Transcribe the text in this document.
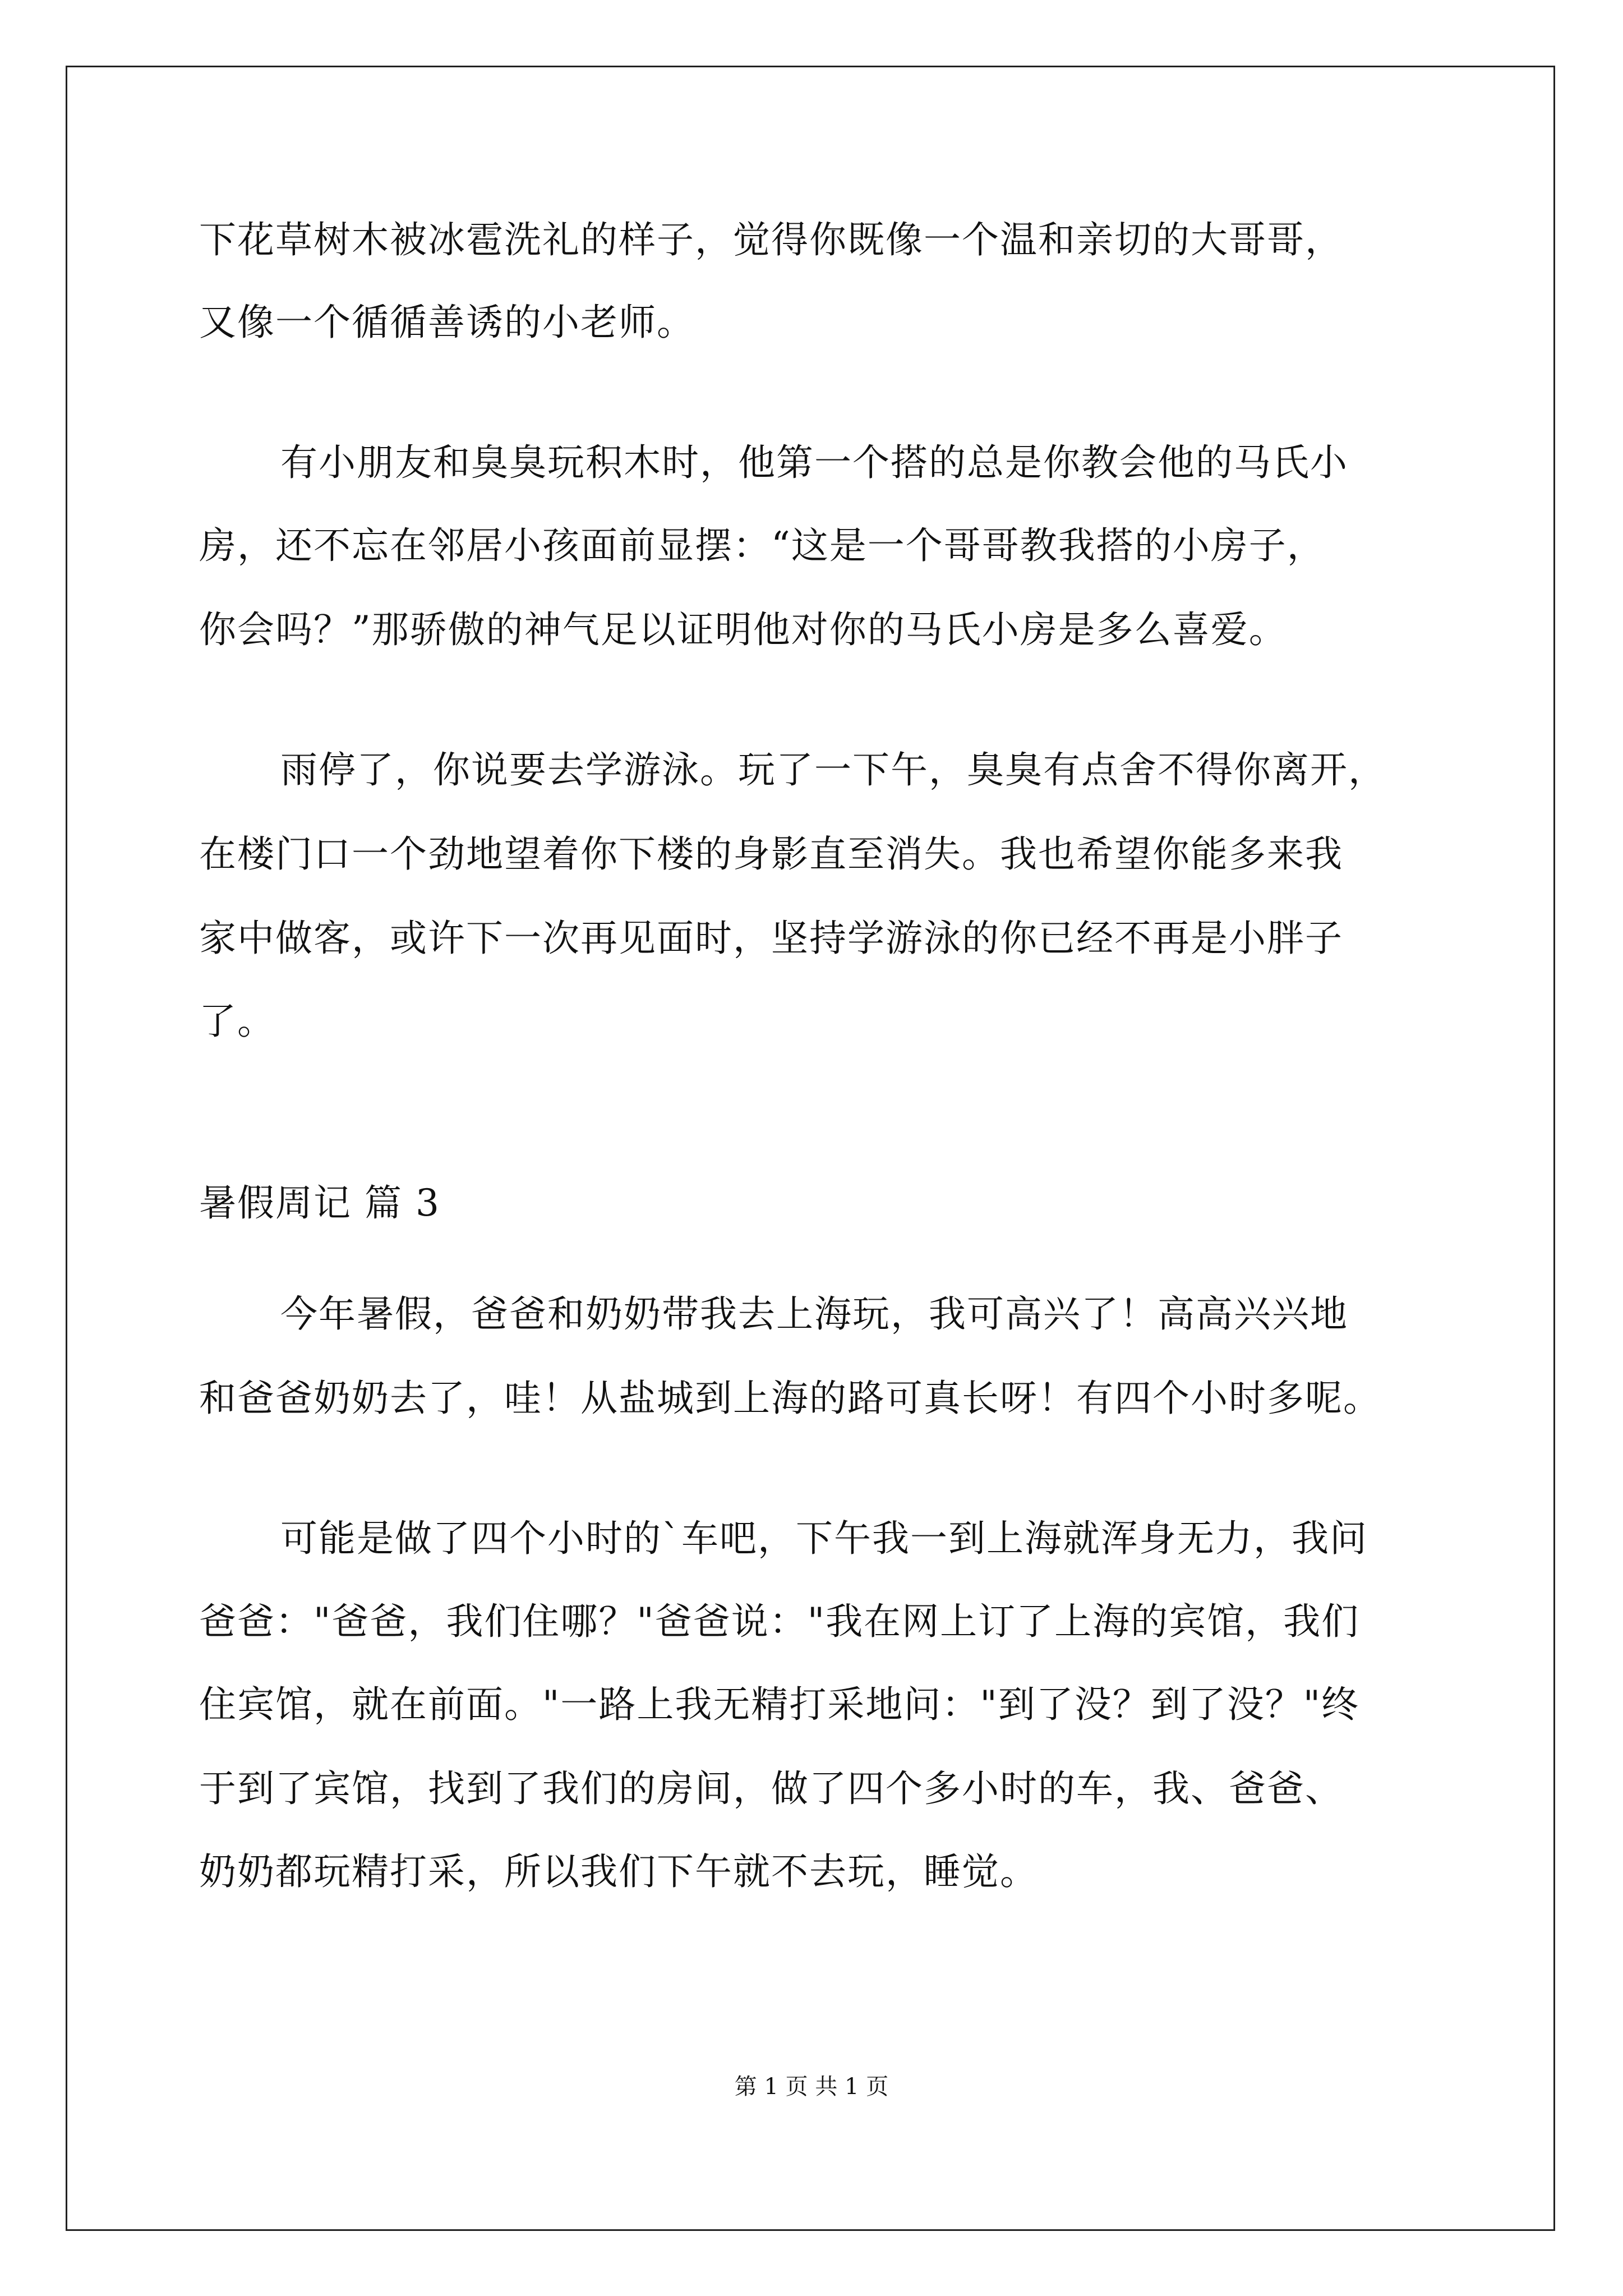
下花草树木被冰雹洗礼的样子，觉得你既像一个温和亲切的大哥哥，
又像一个循循善诱的小老师。
有小朋友和臭臭玩积木时，他第一个搭的总是你教会他的马氏小
房，还不忘在邻居小孩面前显摆：“这是一个哥哥教我搭的小房子，
你会吗？”那骄傲的神气足以证明他对你的马氏小房是多么喜爱。
雨停了，你说要去学游泳。玩了一下午，臭臭有点舍不得你离开，
在楼门口一个劲地望着你下楼的身影直至消失。我也希望你能多来我
家中做客，或许下一次再见面时，坚持学游泳的你已经不再是小胖子
了。
暑假周记 篇 3
今年暑假，爸爸和奶奶带我去上海玩，我可高兴了！高高兴兴地
和爸爸奶奶去了，哇！从盐城到上海的路可真长呀！有四个小时多呢。
可能是做了四个小时的`车吧，下午我一到上海就浑身无力，我问
爸爸："爸爸，我们住哪？"爸爸说："我在网上订了上海的宾馆，我们
住宾馆，就在前面。"一路上我无精打采地问："到了没？到了没？"终
于到了宾馆，找到了我们的房间，做了四个多小时的车，我、爸爸、
奶奶都玩精打采，所以我们下午就不去玩，睡觉。
第 1 页 共 1 页
